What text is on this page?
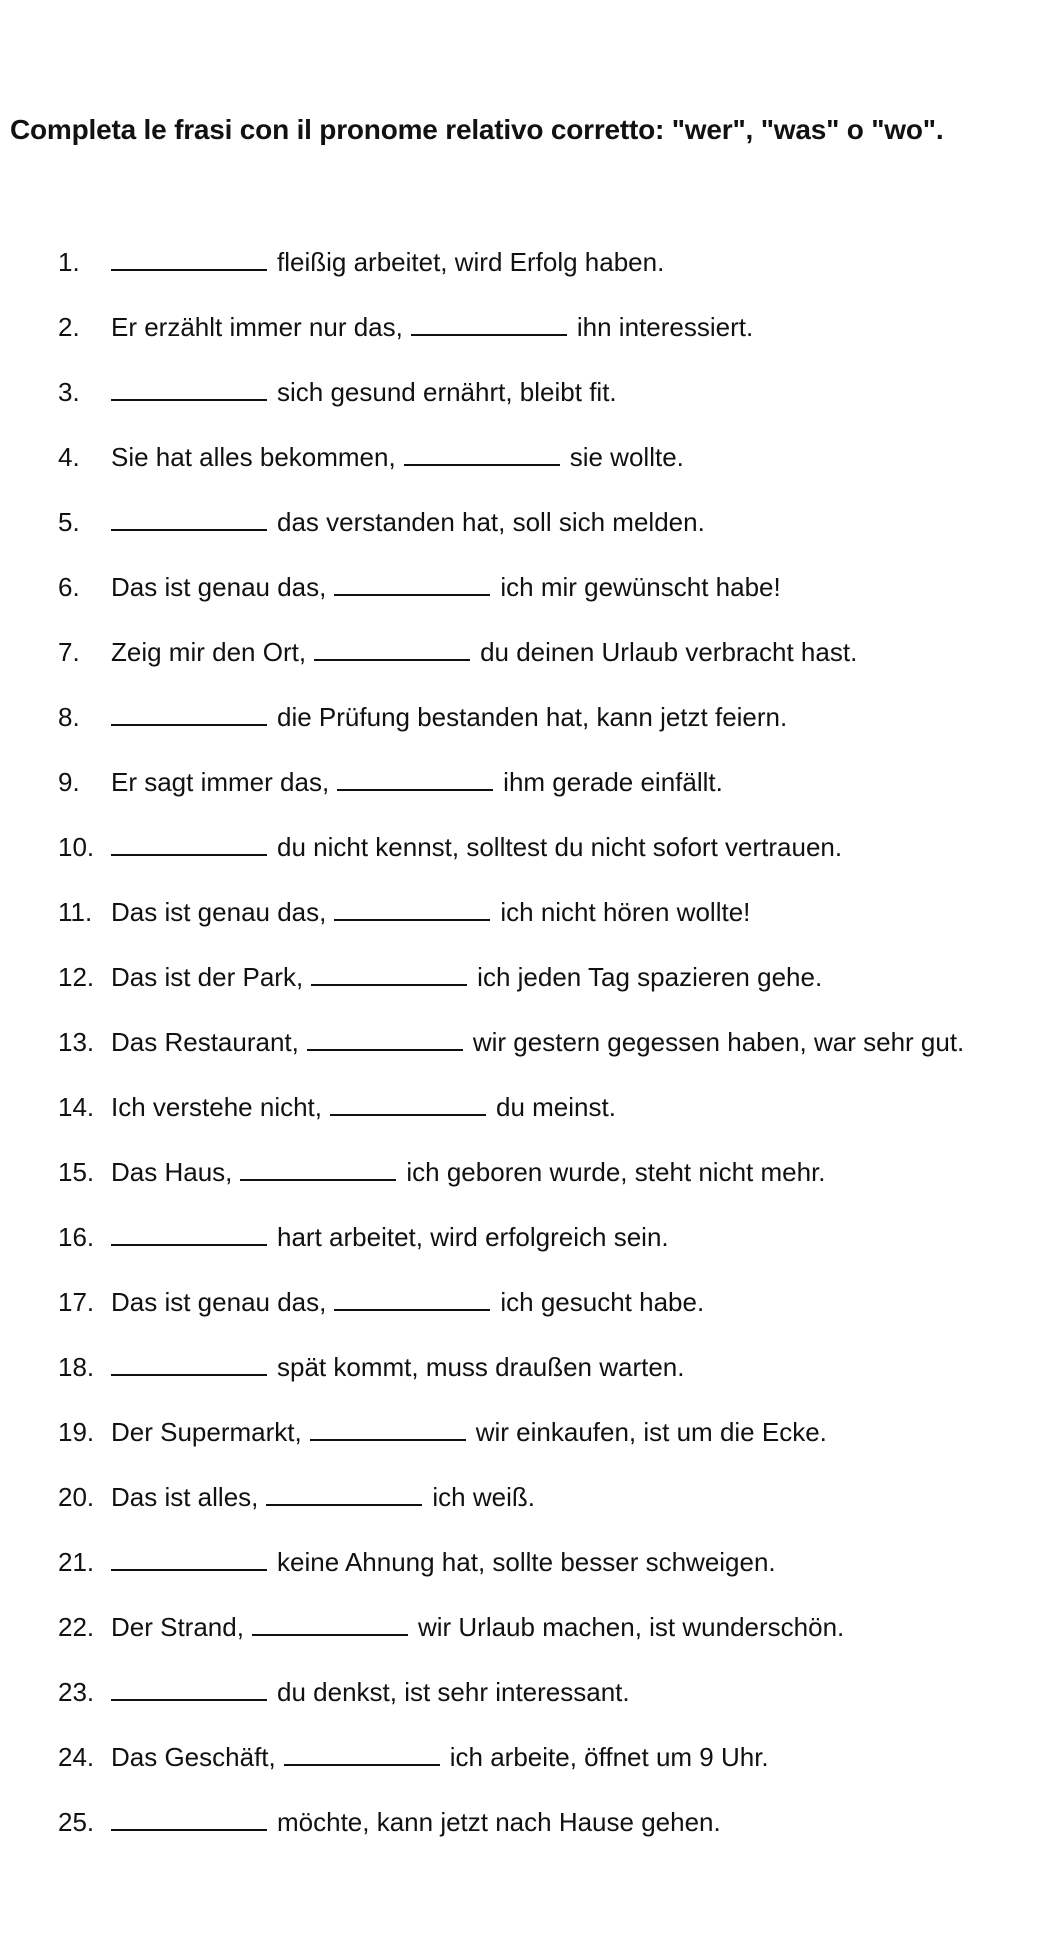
Completa le frasi con il pronome relativo corretto: "wer", "was" o "wo".
1.	fleißig arbeitet, wird Erfolg haben.
2.	Er erzählt immer nur das,	ihn interessiert.
3.	sich gesund ernährt, bleibt fit.
4.	Sie hat alles bekommen,	sie wollte.
5.	das verstanden hat, soll sich melden.
6.	Das ist genau das,	ich mir gewünscht habe!
7.	Zeig mir den Ort,	du deinen Urlaub verbracht hast.
8.	die Prüfung bestanden hat, kann jetzt feiern.
9.	Er sagt immer das,	ihm gerade einfällt.
10.	du nicht kennst, solltest du nicht sofort vertrauen.
11. Das ist genau das,	ich nicht hören wollte!
12. Das ist der Park,	ich jeden Tag spazieren gehe.
13. Das Restaurant,	wir gestern gegessen haben, war sehr gut.
14. Ich verstehe nicht,	du meinst.
15. Das Haus,	ich geboren wurde, steht nicht mehr.
16.	hart arbeitet, wird erfolgreich sein.
17. Das ist genau das,	ich gesucht habe.
18.	spät kommt, muss draußen warten.
19. Der Supermarkt,	wir einkaufen, ist um die Ecke.
20. Das ist alles,	ich weiß.
21.	keine Ahnung hat, sollte besser schweigen.
22. Der Strand,	wir Urlaub machen, ist wunderschön.
23.	du denkst, ist sehr interessant.
24. Das Geschäft,	ich arbeite, öffnet um 9 Uhr.
25.	möchte, kann jetzt nach Hause gehen.
